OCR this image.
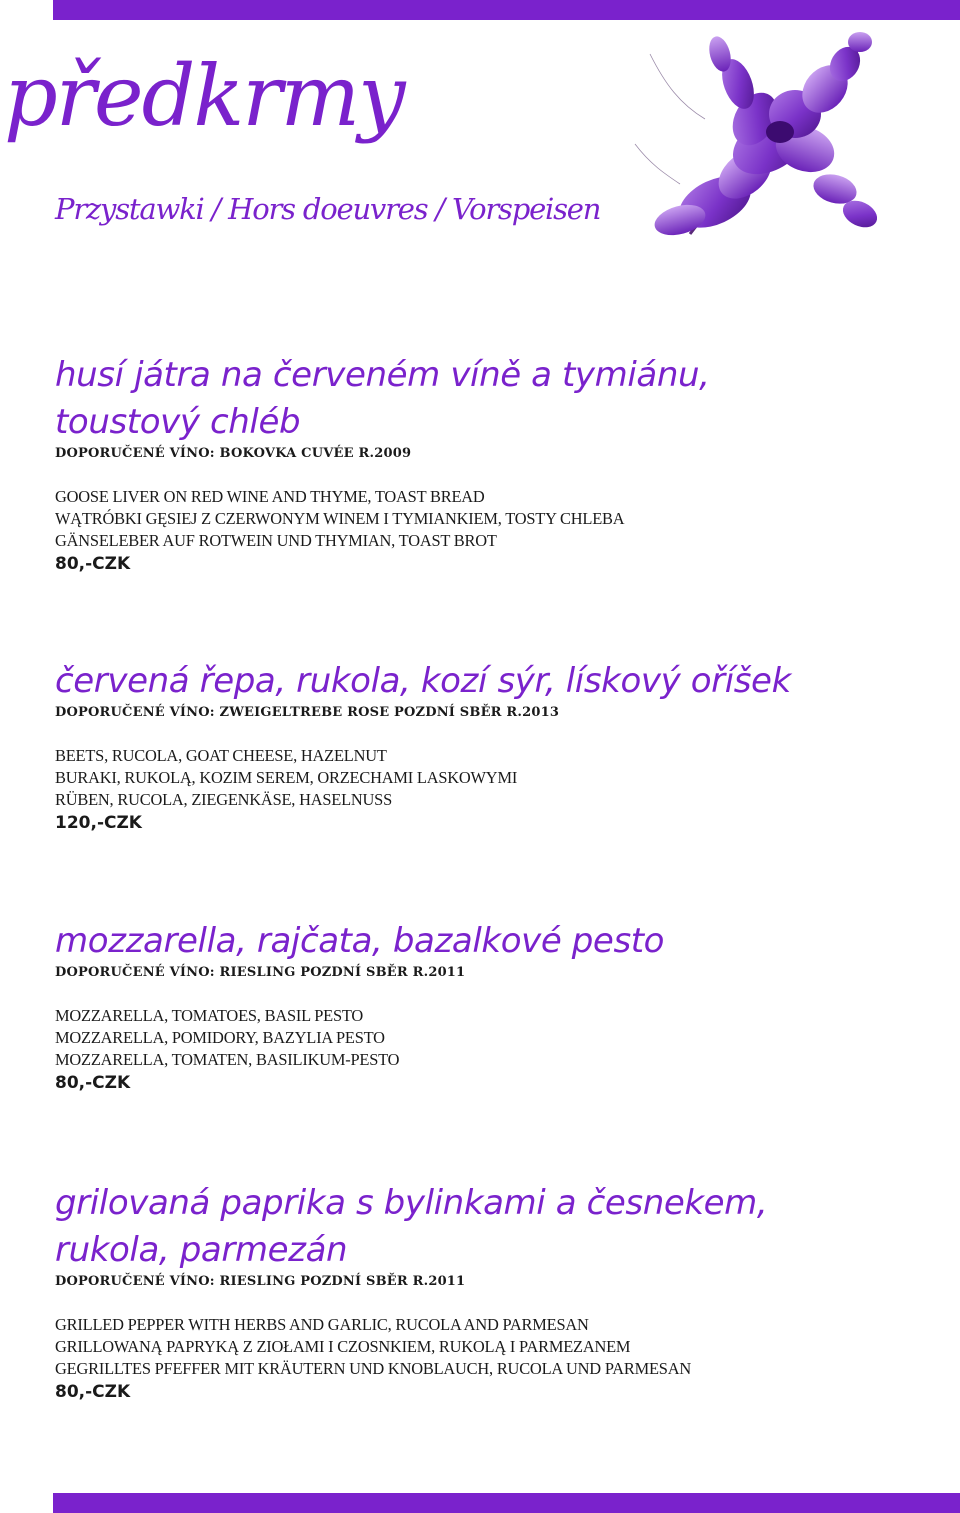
předkrmy

Przystawki / Hors doeuvres / Vorspeisen

husí játra na červeném víně a tymiánu,
toustový chléb

DOPORUČENÉ VÍNO: BOKOVKA CUVÉE R.2009

GOOSE LIVER ON RED WINE AND THYME, TOAST BREAD

WĄTRÓBKI GĘSIEJ Z CZERWONYM WINEM I TYMIANKIEM, TOSTY CHLEBA

GÄNSELEBER AUF ROTWEIN UND THYMIAN, TOAST BROT

80,-CZK

červená řepa, rukola, kozí sýr, lískový oříšek

DOPORUČENÉ VÍNO: ZWEIGELTREBE ROSE POZDNÍ SBĚR R.2013

BEETS, RUCOLA, GOAT CHEESE, HAZELNUT

BURAKI, RUKOLĄ, KOZIM SEREM, ORZECHAMI LASKOWYMI

RÜBEN, RUCOLA, ZIEGENKÄSE, HASELNUSS

120,-CZK

mozzarella, rajčata, bazalkové pesto

DOPORUČENÉ VÍNO: RIESLING POZDNÍ SBĚR R.2011

MOZZARELLA, TOMATOES, BASIL PESTO

MOZZARELLA, POMIDORY, BAZYLIA PESTO

MOZZARELLA, TOMATEN, BASILIKUM-PESTO

80,-CZK

grilovaná paprika s bylinkami a česnekem,
rukola, parmezán

DOPORUČENÉ VÍNO: RIESLING POZDNÍ SBĚR R.2011

GRILLED PEPPER WITH HERBS AND GARLIC, RUCOLA AND PARMESAN

GRILLOWANĄ PAPRYKĄ Z ZIOŁAMI I CZOSNKIEM, RUKOLĄ I PARMEZANEM

GEGRILLTES PFEFFER MIT KRÄUTERN UND KNOBLAUCH, RUCOLA UND PARMESAN

80,-CZK
